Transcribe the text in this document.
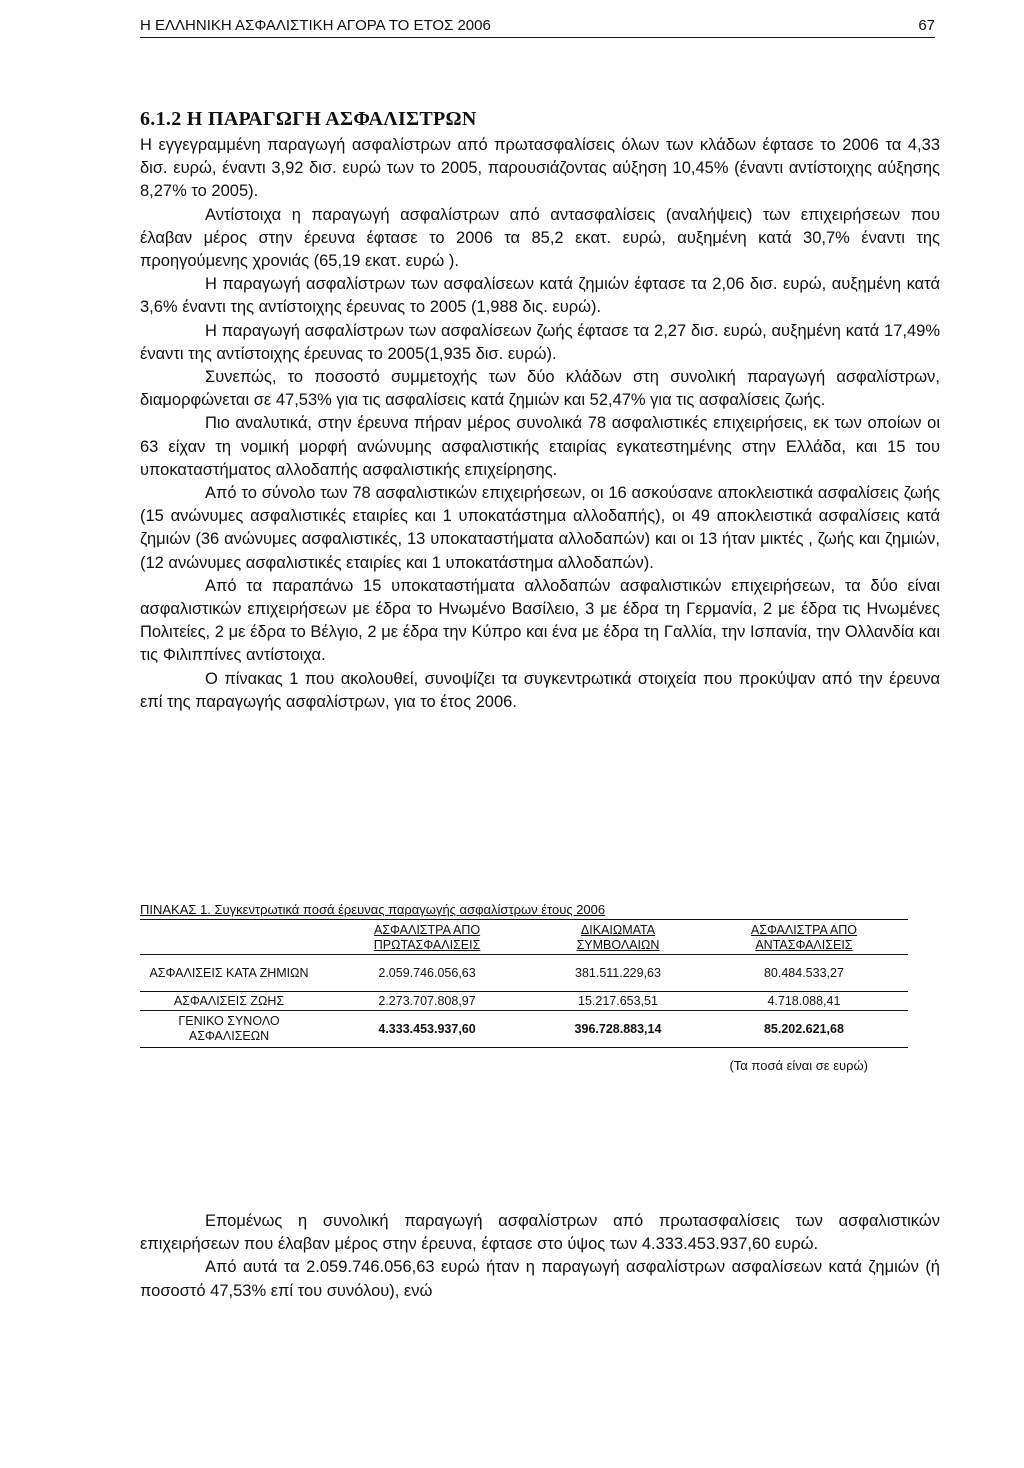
Η ΕΛΛΗΝΙΚΗ ΑΣΦΑΛΙΣΤΙΚΗ ΑΓΟΡΑ ΤΟ ΕΤΟΣ 2006	67
6.1.2 Η ΠΑΡΑΓΩΓΗ ΑΣΦΑΛΙΣΤΡΩΝ

Η εγγεγραμμένη παραγωγή ασφαλίστρων από πρωτασφαλίσεις όλων των κλάδων έφτασε το 2006 τα 4,33 δισ. ευρώ, έναντι 3,92 δισ. ευρώ των το 2005, παρουσιάζοντας αύξηση 10,45% (έναντι αντίστοιχης αύξησης 8,27% το 2005).

Αντίστοιχα η παραγωγή ασφαλίστρων από αντασφαλίσεις (αναλήψεις) των επιχειρήσεων που έλαβαν μέρος στην έρευνα έφτασε το 2006 τα 85,2 εκατ. ευρώ, αυξημένη κατά 30,7% έναντι της προηγούμενης χρονιάς (65,19 εκατ. ευρώ ).

Η παραγωγή ασφαλίστρων των ασφαλίσεων κατά ζημιών έφτασε τα 2,06 δισ. ευρώ, αυξημένη κατά 3,6% έναντι της αντίστοιχης έρευνας το 2005 (1,988 δις. ευρώ).

Η παραγωγή ασφαλίστρων των ασφαλίσεων ζωής έφτασε τα 2,27 δισ. ευρώ, αυξημένη κατά 17,49% έναντι της αντίστοιχης έρευνας το 2005(1,935 δισ. ευρώ).

Συνεπώς, το ποσοστό συμμετοχής των δύο κλάδων στη συνολική παραγωγή ασφαλίστρων, διαμορφώνεται σε 47,53% για τις ασφαλίσεις κατά ζημιών και 52,47% για τις ασφαλίσεις ζωής.

Πιο αναλυτικά, στην έρευνα πήραν μέρος συνολικά 78 ασφαλιστικές επιχειρήσεις, εκ των οποίων οι 63 είχαν τη νομική μορφή ανώνυμης ασφαλιστικής εταιρίας εγκατεστημένης στην Ελλάδα, και 15 του υποκαταστήματος αλλοδαπής ασφαλιστικής επιχείρησης.

Από το σύνολο των 78 ασφαλιστικών επιχειρήσεων, οι 16 ασκούσανε αποκλειστικά ασφαλίσεις ζωής (15 ανώνυμες ασφαλιστικές εταιρίες και 1 υποκατάστημα αλλοδαπής), οι 49 αποκλειστικά ασφαλίσεις κατά ζημιών (36 ανώνυμες ασφαλιστικές, 13 υποκαταστήματα αλλοδαπών) και οι 13 ήταν μικτές , ζωής και ζημιών,(12 ανώνυμες ασφαλιστικές εταιρίες και 1 υποκατάστημα αλλοδαπών).

Από τα παραπάνω 15 υποκαταστήματα αλλοδαπών ασφαλιστικών επιχειρήσεων, τα δύο είναι ασφαλιστικών επιχειρήσεων με έδρα το Ηνωμένο Βασίλειο, 3 με έδρα τη Γερμανία, 2 με έδρα τις Ηνωμένες Πολιτείες, 2 με έδρα το Βέλγιο, 2 με έδρα την Κύπρο και ένα με έδρα τη Γαλλία, την Ισπανία, την Ολλανδία και τις Φιλιππίνες αντίστοιχα.

Ο πίνακας 1 που ακολουθεί, συνοψίζει τα συγκεντρωτικά στοιχεία που προκύψαν από την έρευνα επί της παραγωγής ασφαλίστρων, για το έτος 2006.

ΠΙΝΑΚΑΣ 1. Συγκεντρωτικά ποσά έρευνας παραγωγής ασφαλίστρων έτους 2006
	ΑΣΦΑΛΙΣΤΡΑ ΑΠΟ ΠΡΩΤΑΣΦΑΛΙΣΕΙΣ	ΔΙΚΑΙΩΜΑΤΑ ΣΥΜΒΟΛΑΙΩΝ	ΑΣΦΑΛΙΣΤΡΑ ΑΠΟ ΑΝΤΑΣΦΑΛΙΣΕΙΣ
ΑΣΦΑΛΙΣΕΙΣ ΚΑΤΑ ΖΗΜΙΩΝ	2.059.746.056,63	381.511.229,63	80.484.533,27
ΑΣΦΑΛΙΣΕΙΣ ΖΩΗΣ	2.273.707.808,97	15.217.653,51	4.718.088,41
ΓΕΝΙΚΟ ΣΥΝΟΛΟ ΑΣΦΑΛΙΣΕΩΝ	4.333.453.937,60	396.728.883,14	85.202.621,68
(Τα ποσά είναι σε ευρώ)

Επομένως η συνολική παραγωγή ασφαλίστρων από πρωτασφαλίσεις των ασφαλιστικών επιχειρήσεων που έλαβαν μέρος στην έρευνα, έφτασε στο ύψος των 4.333.453.937,60 ευρώ.

Από αυτά τα 2.059.746.056,63 ευρώ ήταν η παραγωγή ασφαλίστρων ασφαλίσεων κατά ζημιών (ή ποσοστό 47,53% επί του συνόλου), ενώ
